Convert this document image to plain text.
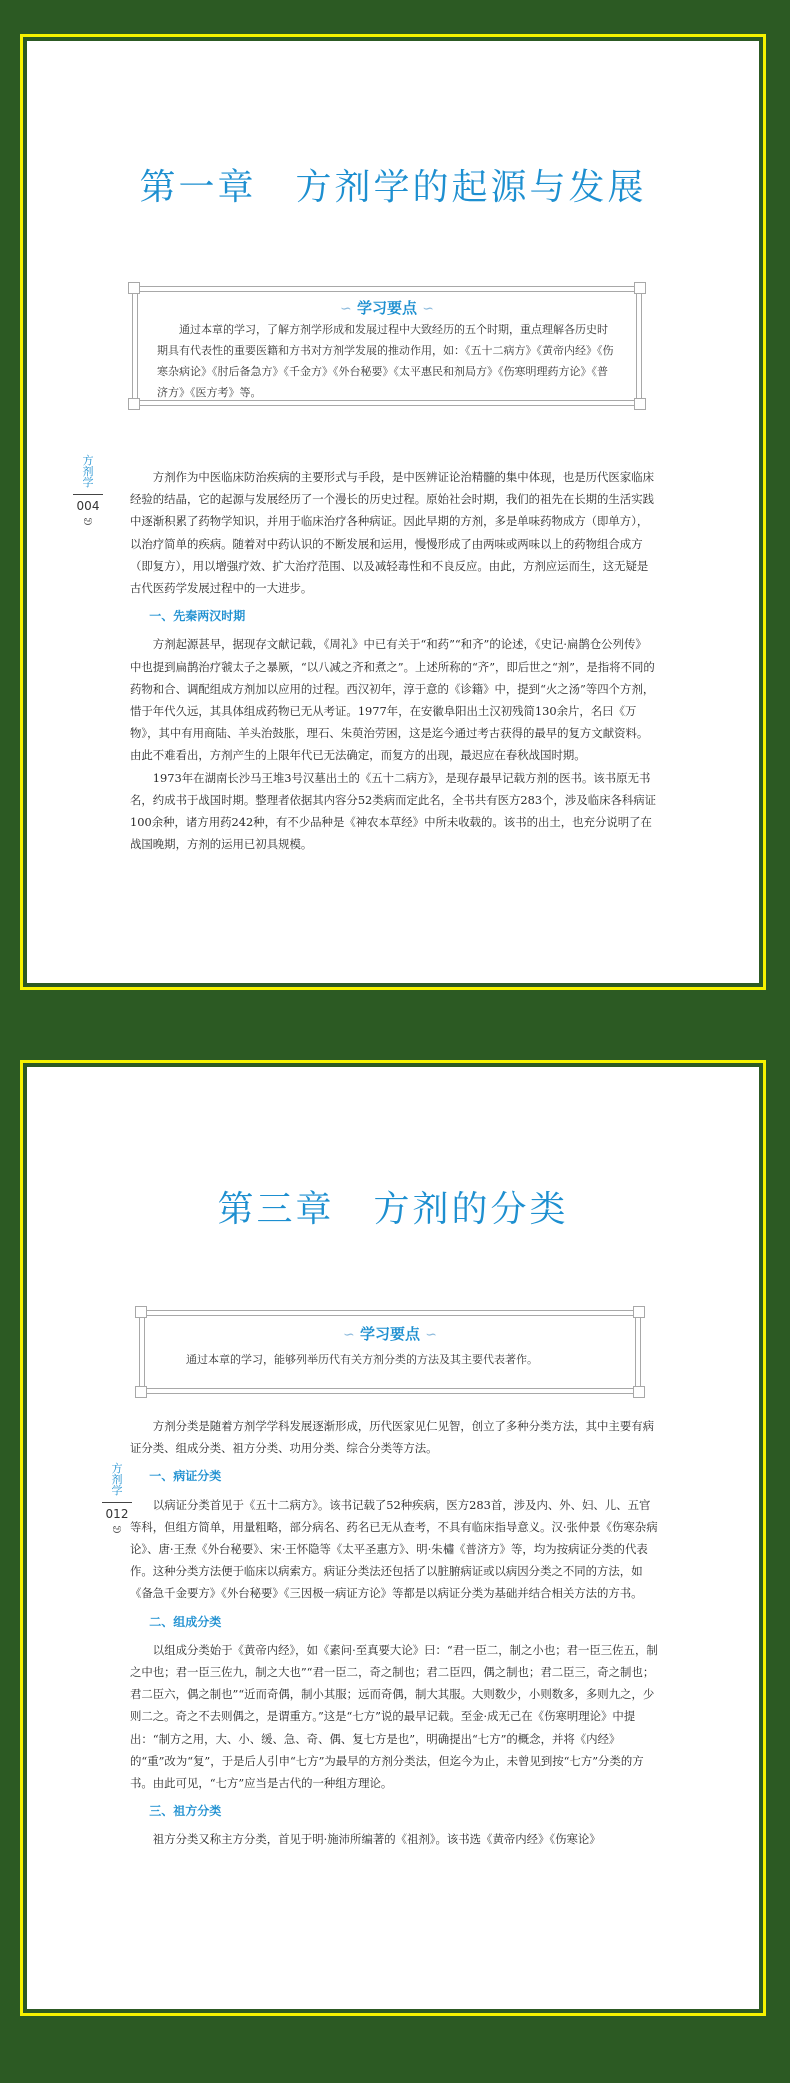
第一章　方剂学的起源与发展
∽ 学习要点 ∽
通过本章的学习，了解方剂学形成和发展过程中大致经历的五个时期，重点理解各历史时期具有代表性的重要医籍和方书对方剂学发展的推动作用，如：《五十二病方》《黄帝内经》《伤寒杂病论》《肘后备急方》《千金方》《外台秘要》《太平惠民和剂局方》《伤寒明理药方论》《普济方》《医方考》等。
方剂学
004
ಅ

方剂作为中医临床防治疾病的主要形式与手段，是中医辨证论治精髓的集中体现，也是历代医家临床经验的结晶，它的起源与发展经历了一个漫长的历史过程。原始社会时期，我们的祖先在长期的生活实践中逐渐积累了药物学知识，并用于临床治疗各种病证。因此早期的方剂，多是单味药物成方（即单方），以治疗简单的疾病。随着对中药认识的不断发展和运用，慢慢形成了由两味或两味以上的药物组合成方（即复方），用以增强疗效、扩大治疗范围、以及减轻毒性和不良反应。由此，方剂应运而生，这无疑是古代医药学发展过程中的一大进步。

一、先秦两汉时期

方剂起源甚早，据现存文献记载，《周礼》中已有关于“和药”“和齐”的论述，《史记·扁鹊仓公列传》中也提到扁鹊治疗虢太子之暴厥，“以八减之齐和煮之”。上述所称的“齐”，即后世之“剂”，是指将不同的药物和合、调配组成方剂加以应用的过程。西汉初年，淳于意的《诊籍》中，提到“火之汤”等四个方剂，惜于年代久远，其具体组成药物已无从考证。1977年，在安徽阜阳出土汉初残简130余片，名曰《万物》，其中有用商陆、羊头治鼓胀，理石、朱萸治劳困，这是迄今通过考古获得的最早的复方文献资料。由此不难看出，方剂产生的上限年代已无法确定，而复方的出现，最迟应在春秋战国时期。

1973年在湖南长沙马王堆3号汉墓出土的《五十二病方》，是现存最早记载方剂的医书。该书原无书名，约成书于战国时期。整理者依据其内容分52类病而定此名，全书共有医方283个，涉及临床各科病证100余种，诸方用药242种，有不少品种是《神农本草经》中所未收载的。该书的出土，也充分说明了在战国晚期，方剂的运用已初具规模。

第三章　方剂的分类
∽ 学习要点 ∽
通过本章的学习，能够列举历代有关方剂分类的方法及其主要代表著作。
方剂学
012
ಅ

方剂分类是随着方剂学学科发展逐渐形成，历代医家见仁见智，创立了多种分类方法，其中主要有病证分类、组成分类、祖方分类、功用分类、综合分类等方法。

一、病证分类

以病证分类首见于《五十二病方》。该书记载了52种疾病，医方283首，涉及内、外、妇、儿、五官等科，但组方简单，用量粗略，部分病名、药名已无从查考，不具有临床指导意义。汉·张仲景《伤寒杂病论》、唐·王焘《外台秘要》、宋·王怀隐等《太平圣惠方》、明·朱橚《普济方》等，均为按病证分类的代表作。这种分类方法便于临床以病索方。病证分类法还包括了以脏腑病证或以病因分类之不同的方法，如《备急千金要方》《外台秘要》《三因极一病证方论》等都是以病证分类为基础并结合相关方法的方书。

二、组成分类

以组成分类始于《黄帝内经》，如《素问·至真要大论》曰：“君一臣二，制之小也；君一臣三佐五，制之中也；君一臣三佐九，制之大也”“君一臣二，奇之制也；君二臣四，偶之制也；君二臣三，奇之制也；君二臣六，偶之制也”“近而奇偶，制小其服；远而奇偶，制大其服。大则数少，小则数多，多则九之，少则二之。奇之不去则偶之，是谓重方。”这是“七方”说的最早记载。至金·成无己在《伤寒明理论》中提出：“制方之用，大、小、缓、急、奇、偶、复七方是也”，明确提出“七方”的概念，并将《内经》的“重”改为“复”，于是后人引申“七方”为最早的方剂分类法，但迄今为止，未曾见到按“七方”分类的方书。由此可见，“七方”应当是古代的一种组方理论。

三、祖方分类

祖方分类又称主方分类，首见于明·施沛所编著的《祖剂》。该书选《黄帝内经》《伤寒论》
